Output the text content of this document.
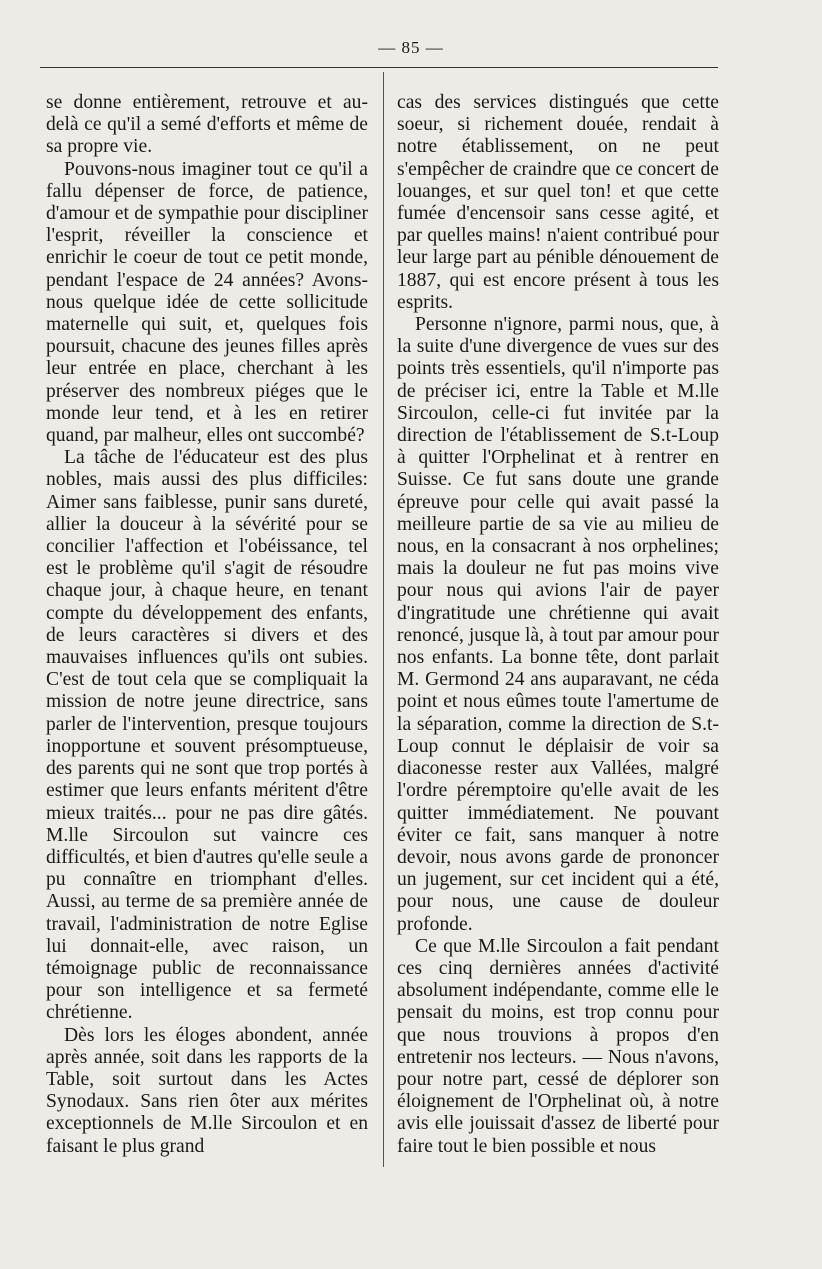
— 85 —

se donne entièrement, retrouve et au-delà ce qu'il a semé d'efforts et même de sa propre vie.

Pouvons-nous imaginer tout ce qu'il a fallu dépenser de force, de patience, d'amour et de sympathie pour discipliner l'esprit, réveiller la conscience et enrichir le coeur de tout ce petit monde, pendant l'espace de 24 années? Avons-nous quelque idée de cette sollicitude maternelle qui suit, et, quelques fois poursuit, chacune des jeunes filles après leur entrée en place, cherchant à les préserver des nombreux piéges que le monde leur tend, et à les en retirer quand, par malheur, elles ont succombé?

La tâche de l'éducateur est des plus nobles, mais aussi des plus difficiles: Aimer sans faiblesse, punir sans dureté, allier la douceur à la sévérité pour se concilier l'affection et l'obéissance, tel est le problème qu'il s'agit de résoudre chaque jour, à chaque heure, en tenant compte du développement des enfants, de leurs caractères si divers et des mauvaises influences qu'ils ont subies. C'est de tout cela que se compliquait la mission de notre jeune directrice, sans parler de l'intervention, presque toujours inopportune et souvent présomptueuse, des parents qui ne sont que trop portés à estimer que leurs enfants méritent d'être mieux traités... pour ne pas dire gâtés. M.lle Sircoulon sut vaincre ces difficultés, et bien d'autres qu'elle seule a pu connaître en triomphant d'elles. Aussi, au terme de sa première année de travail, l'administration de notre Eglise lui donnait-elle, avec raison, un témoignage public de reconnaissance pour son intelligence et sa fermeté chrétienne.

Dès lors les éloges abondent, année après année, soit dans les rapports de la Table, soit surtout dans les Actes Synodaux. Sans rien ôter aux mérites exceptionnels de M.lle Sircoulon et en faisant le plus grand

cas des services distingués que cette soeur, si richement douée, rendait à notre établissement, on ne peut s'empêcher de craindre que ce concert de louanges, et sur quel ton! et que cette fumée d'encensoir sans cesse agité, et par quelles mains! n'aient contribué pour leur large part au pénible dénouement de 1887, qui est encore présent à tous les esprits.

Personne n'ignore, parmi nous, que, à la suite d'une divergence de vues sur des points très essentiels, qu'il n'importe pas de préciser ici, entre la Table et M.lle Sircoulon, celle-ci fut invitée par la direction de l'établissement de S.t-Loup à quitter l'Orphelinat et à rentrer en Suisse. Ce fut sans doute une grande épreuve pour celle qui avait passé la meilleure partie de sa vie au milieu de nous, en la consacrant à nos orphelines; mais la douleur ne fut pas moins vive pour nous qui avions l'air de payer d'ingratitude une chrétienne qui avait renoncé, jusque là, à tout par amour pour nos enfants. La bonne tête, dont parlait M. Germond 24 ans auparavant, ne céda point et nous eûmes toute l'amertume de la séparation, comme la direction de S.t-Loup connut le déplaisir de voir sa diaconesse rester aux Vallées, malgré l'ordre péremptoire qu'elle avait de les quitter immédiatement. Ne pouvant éviter ce fait, sans manquer à notre devoir, nous avons garde de prononcer un jugement, sur cet incident qui a été, pour nous, une cause de douleur profonde.

Ce que M.lle Sircoulon a fait pendant ces cinq dernières années d'activité absolument indépendante, comme elle le pensait du moins, est trop connu pour que nous trouvions à propos d'en entretenir nos lecteurs. — Nous n'avons, pour notre part, cessé de déplorer son éloignement de l'Orphelinat où, à notre avis elle jouissait d'assez de liberté pour faire tout le bien possible et nous
